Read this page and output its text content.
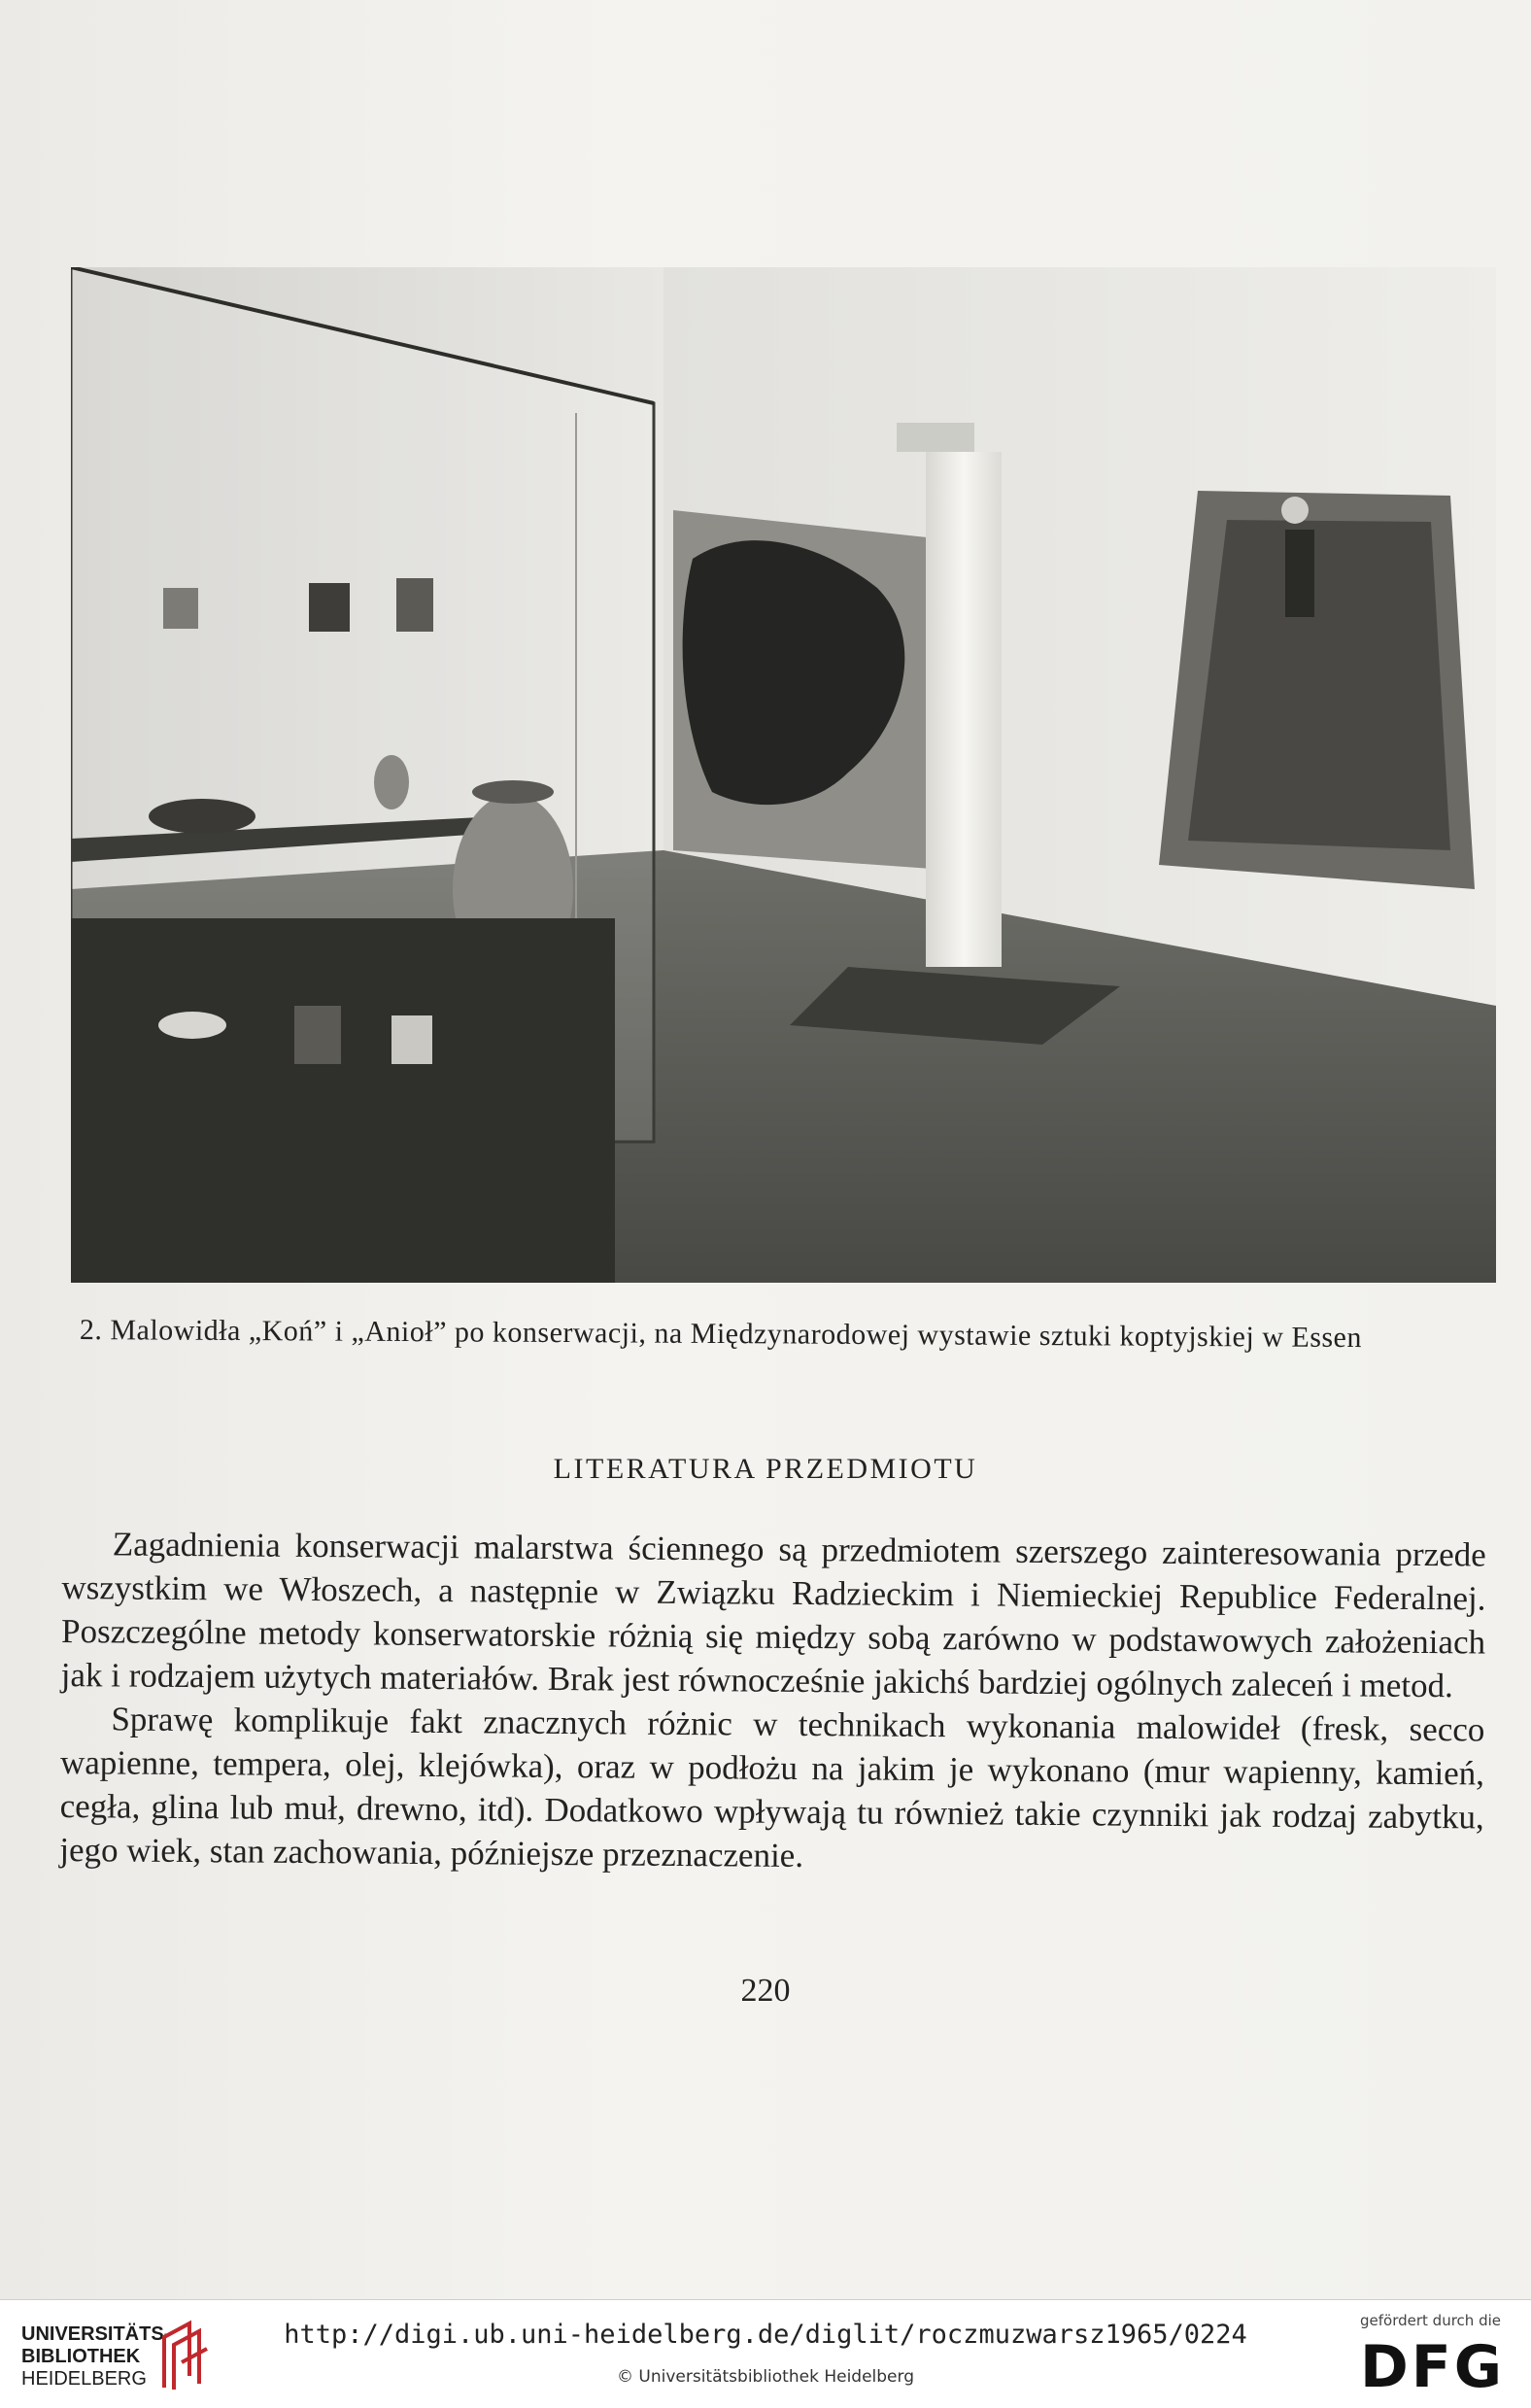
2. Malowidła „Koń” i „Anioł” po konserwacji, na Międzynarodowej wystawie sztuki koptyjskiej w Essen
LITERATURA PRZEDMIOTU

Zagadnienia konserwacji malarstwa ściennego są przedmiotem szerszego zainteresowania przede wszystkim we Włoszech, a następnie w Związku Radzieckim i Niemieckiej Republice Federalnej. Poszczególne metody konserwatorskie różnią się między sobą zarówno w podstawowych założeniach jak i rodzajem użytych materiałów. Brak jest równocześnie jakichś bardziej ogólnych zaleceń i metod.

Sprawę komplikuje fakt znacznych różnic w technikach wykonania malowideł (fresk, secco wapienne, tempera, olej, klejówka), oraz w podłożu na jakim je wykonano (mur wapienny, kamień, cegła, glina lub muł, drewno, itd). Dodatkowo wpływają tu również takie czynniki jak rodzaj zabytku, jego wiek, stan zachowania, późniejsze przeznaczenie.

220
UNIVERSITÄTS-
BIBLIOTHEK
HEIDELBERG
http://digi.ub.uni-heidelberg.de/diglit/roczmuzwarsz1965/0224
© Universitätsbibliothek Heidelberg
gefördert durch die
DFG
